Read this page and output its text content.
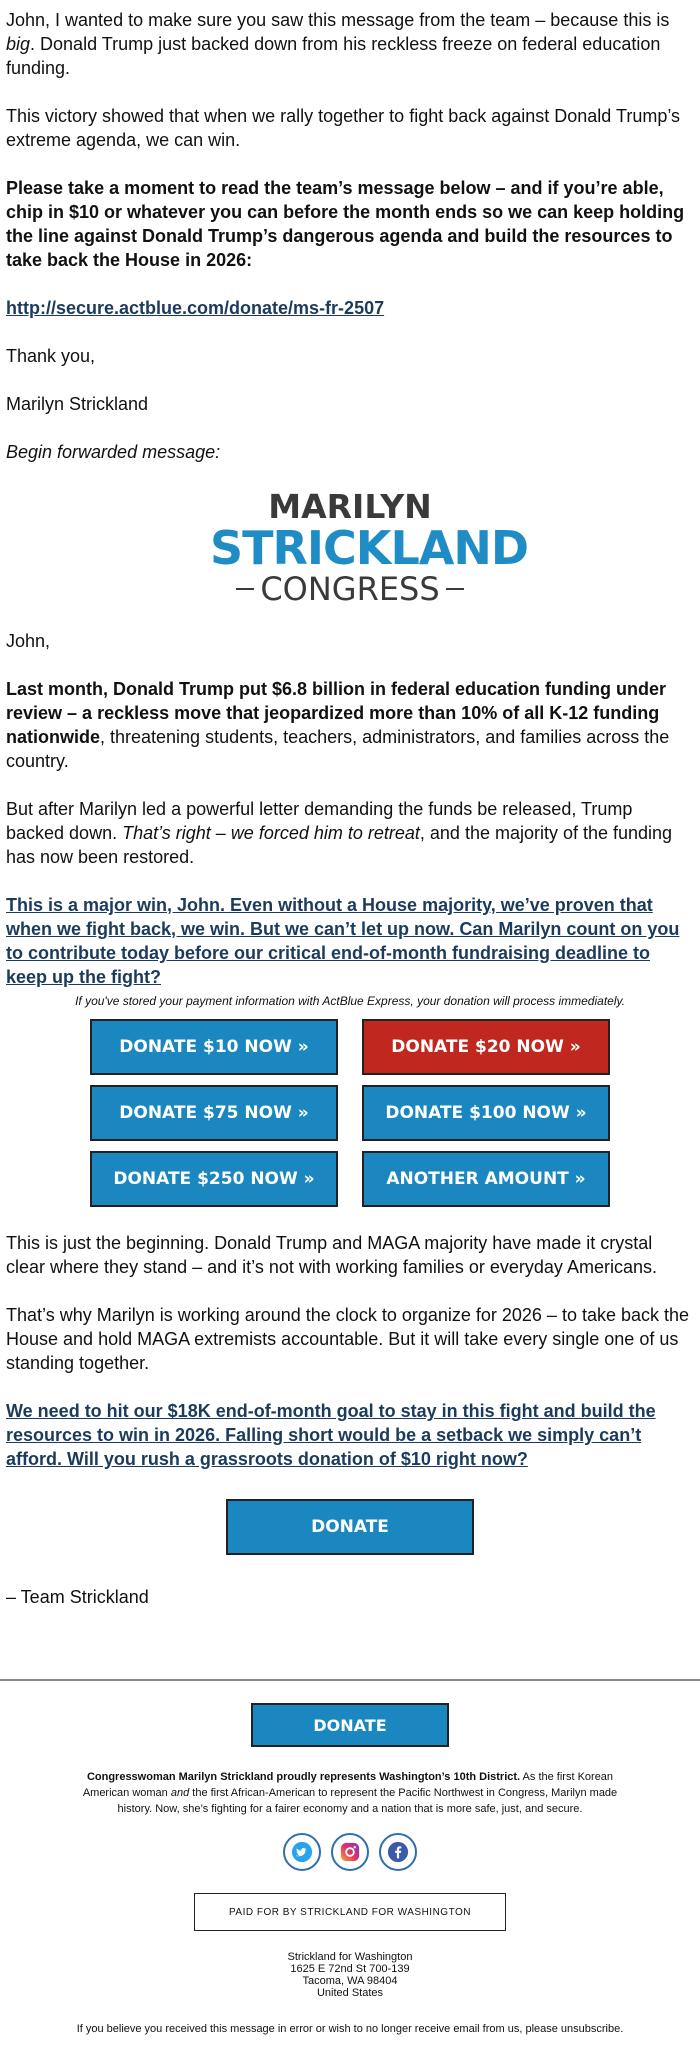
John, I wanted to make sure you saw this message from the team – because this is big. Donald Trump just backed down from his reckless freeze on federal education funding.

This victory showed that when we rally together to fight back against Donald Trump’s extreme agenda, we can win.

Please take a moment to read the team’s message below – and if you’re able, chip in $10 or whatever you can before the month ends so we can keep holding the line against Donald Trump’s dangerous agenda and build the resources to take back the House in 2026:

http://secure.actblue.com/donate/ms-fr-2507

Thank you,

Marilyn Strickland

Begin forwarded message:

MARILYN
STRICKLAND
CONGRESS

John,

Last month, Donald Trump put $6.8 billion in federal education funding under review – a reckless move that jeopardized more than 10% of all K-12 funding nationwide, threatening students, teachers, administrators, and families across the country.

But after Marilyn led a powerful letter demanding the funds be released, Trump backed down. That’s right – we forced him to retreat, and the majority of the funding has now been restored.

This is a major win, John. Even without a House majority, we’ve proven that when we fight back, we win. But we can’t let up now. Can Marilyn count on you to contribute today before our critical end-of-month fundraising deadline to keep up the fight?

If you've stored your payment information with ActBlue Express, your donation will process immediately.
DONATE $10 NOW »	DONATE $20 NOW »
DONATE $75 NOW »	DONATE $100 NOW »
DONATE $250 NOW »	ANOTHER AMOUNT »

This is just the beginning. Donald Trump and MAGA majority have made it crystal clear where they stand – and it’s not with working families or everyday Americans.

That’s why Marilyn is working around the clock to organize for 2026 – to take back the House and hold MAGA extremists accountable. But it will take every single one of us standing together.

We need to hit our $18K end-of-month goal to stay in this fight and build the resources to win in 2026. Falling short would be a setback we simply can’t afford. Will you rush a grassroots donation of $10 right now?

DONATE

– Team Strickland

DONATE
Congresswoman Marilyn Strickland proudly represents Washington’s 10th District. As the first Korean American woman and the first African-American to represent the Pacific Northwest in Congress, Marilyn made history. Now, she’s fighting for a fairer economy and a nation that is more safe, just, and secure.
PAID FOR BY STRICKLAND FOR WASHINGTON
Strickland for Washington
1625 E 72nd St 700-139
Tacoma, WA 98404
United States
If you believe you received this message in error or wish to no longer receive email from us, please unsubscribe.
